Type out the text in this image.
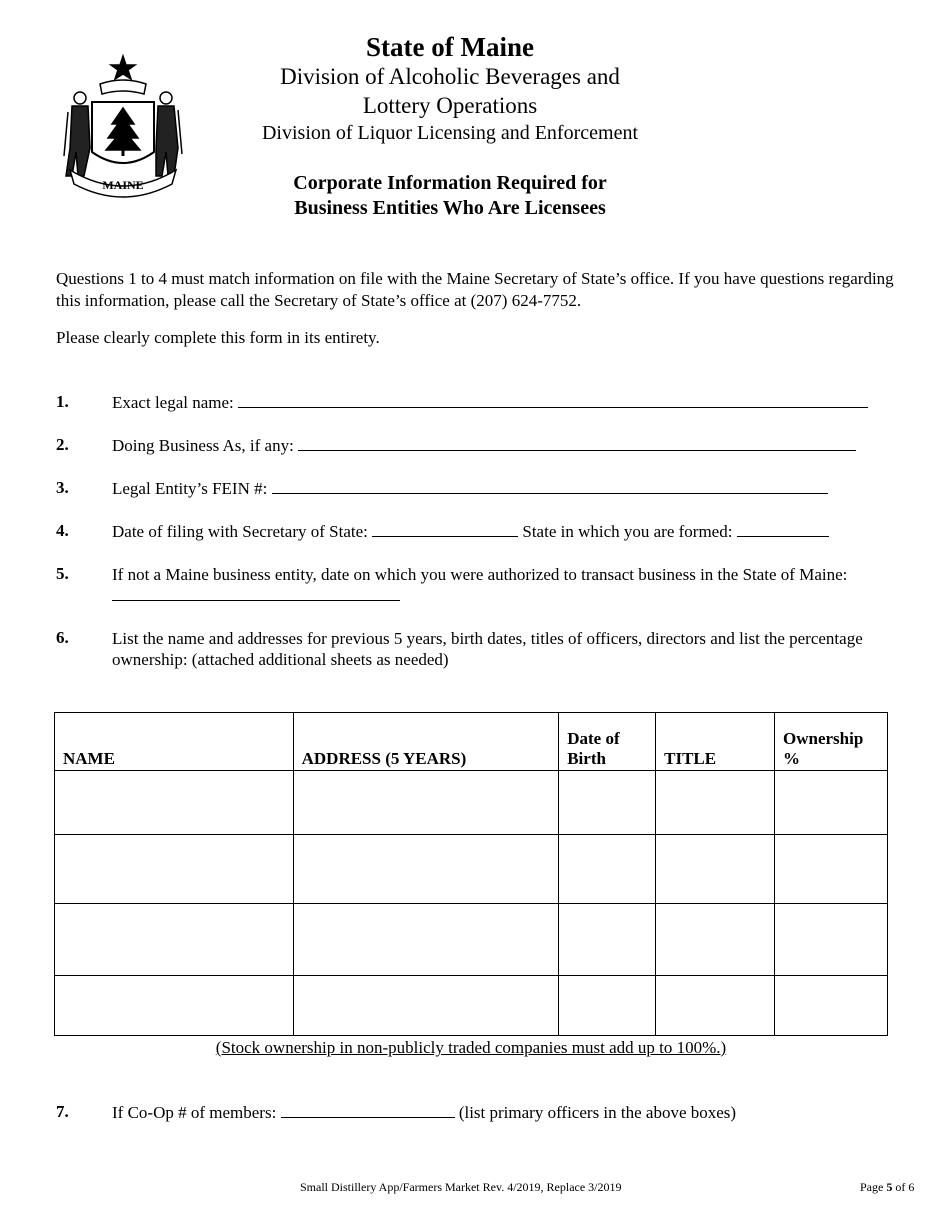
MAINE
State of Maine
Division of Alcoholic Beverages and
Lottery Operations
Division of Liquor Licensing and Enforcement
Corporate Information Required for
Business Entities Who Are Licensees
Questions 1 to 4 must match information on file with the Maine Secretary of State’s office. If you have questions regarding this information, please call the Secretary of State’s office at (207) 624-7752.
Please clearly complete this form in its entirety.
1.	Exact legal name:
2.	Doing Business As, if any:
3.	Legal Entity’s FEIN #:
4.	Date of filing with Secretary of State:	State in which you are formed:
5.	If not a Maine business entity, date on which you were authorized to transact business in the State of Maine:
6.	List the name and addresses for previous 5 years, birth dates, titles of officers, directors and list the percentage ownership: (attached additional sheets as needed)
NAME	ADDRESS (5 YEARS)	Date of Birth	TITLE	Ownership %

(Stock ownership in non-publicly traded companies must add up to 100%.)
7.	If Co-Op # of members:	(list primary officers in the above boxes)
Small Distillery App/Farmers Market Rev. 4/2019, Replace 3/2019	Page 5 of 6
